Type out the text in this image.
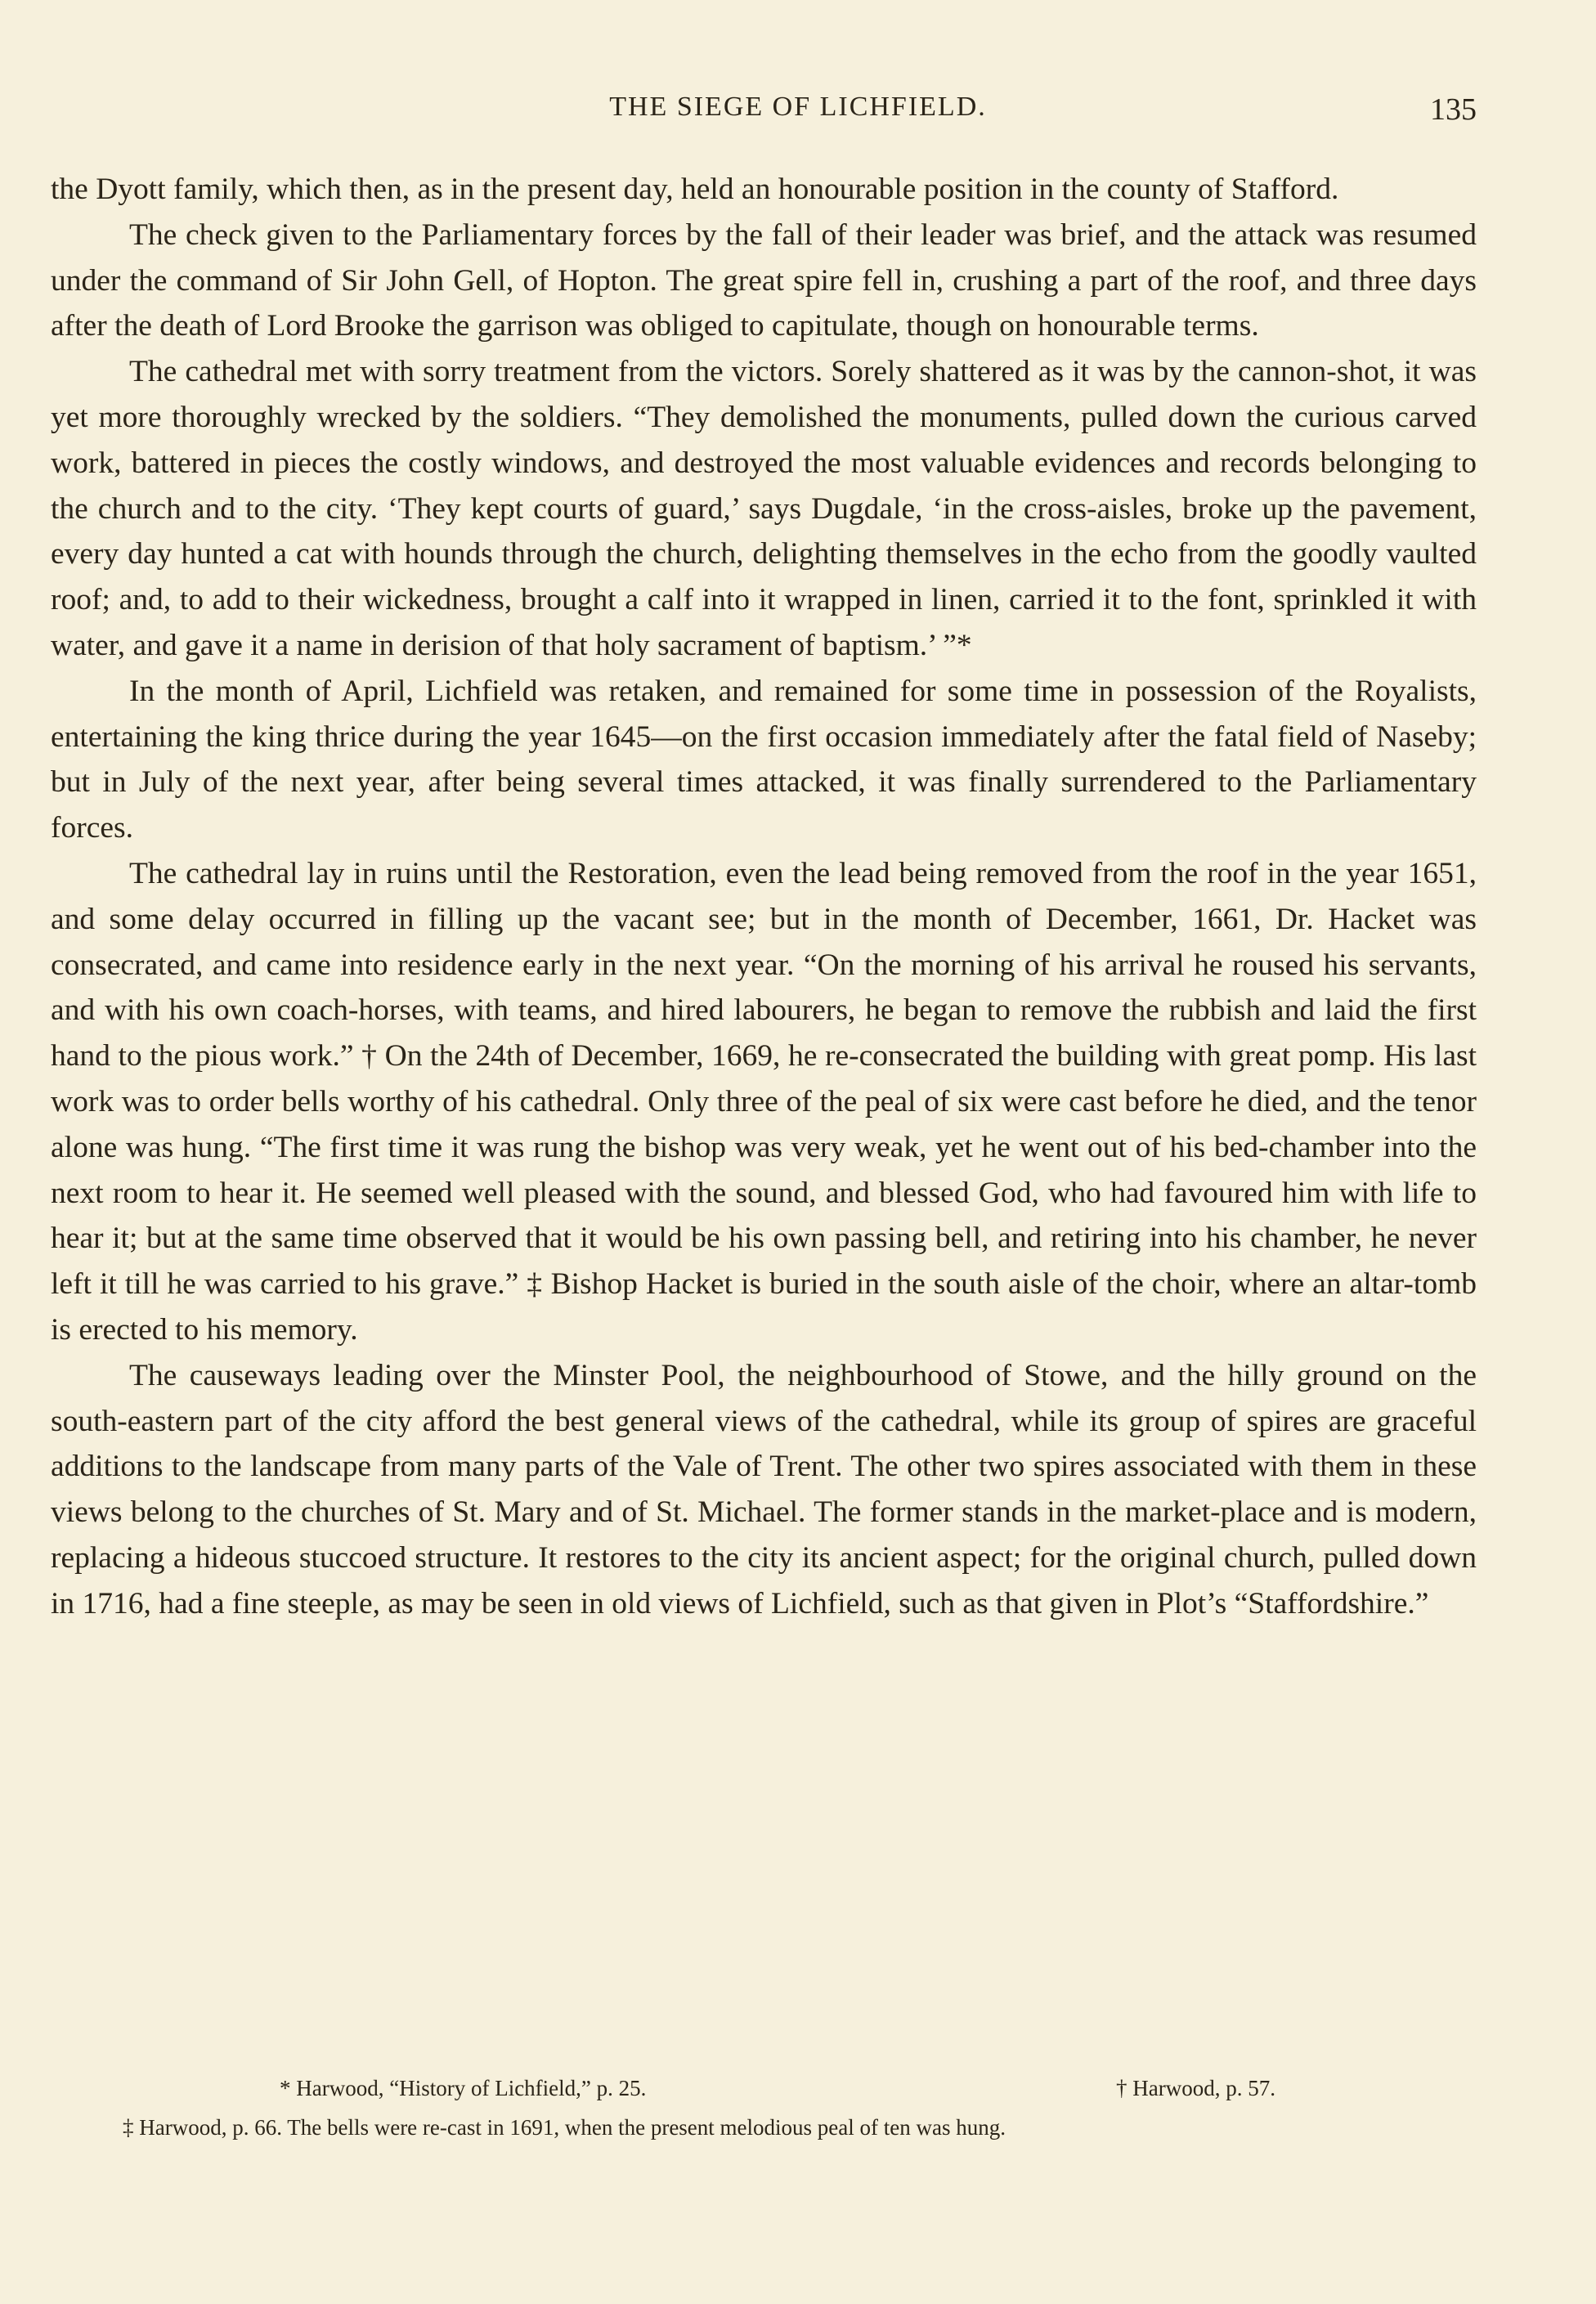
THE SIEGE OF LICHFIELD.	135

the Dyott family, which then, as in the present day, held an honourable position in the county of Stafford.

The check given to the Parliamentary forces by the fall of their leader was brief, and the attack was resumed under the command of Sir John Gell, of Hopton. The great spire fell in, crushing a part of the roof, and three days after the death of Lord Brooke the garrison was obliged to capitulate, though on honourable terms.

The cathedral met with sorry treatment from the victors. Sorely shattered as it was by the cannon-shot, it was yet more thoroughly wrecked by the soldiers. “They demolished the monuments, pulled down the curious carved work, battered in pieces the costly windows, and destroyed the most valuable evidences and records belonging to the church and to the city. ‘They kept courts of guard,’ says Dugdale, ‘in the cross-aisles, broke up the pavement, every day hunted a cat with hounds through the church, delighting themselves in the echo from the goodly vaulted roof; and, to add to their wickedness, brought a calf into it wrapped in linen, carried it to the font, sprinkled it with water, and gave it a name in derision of that holy sacrament of baptism.’ ”*

In the month of April, Lichfield was retaken, and remained for some time in possession of the Royalists, entertaining the king thrice during the year 1645—on the first occasion immediately after the fatal field of Naseby; but in July of the next year, after being several times attacked, it was finally surrendered to the Parliamentary forces.

The cathedral lay in ruins until the Restoration, even the lead being removed from the roof in the year 1651, and some delay occurred in filling up the vacant see; but in the month of December, 1661, Dr. Hacket was consecrated, and came into residence early in the next year. “On the morning of his arrival he roused his servants, and with his own coach-horses, with teams, and hired labourers, he began to remove the rubbish and laid the first hand to the pious work.” † On the 24th of December, 1669, he re-consecrated the building with great pomp. His last work was to order bells worthy of his cathedral. Only three of the peal of six were cast before he died, and the tenor alone was hung. “The first time it was rung the bishop was very weak, yet he went out of his bed-chamber into the next room to hear it. He seemed well pleased with the sound, and blessed God, who had favoured him with life to hear it; but at the same time observed that it would be his own passing bell, and retiring into his chamber, he never left it till he was carried to his grave.” ‡ Bishop Hacket is buried in the south aisle of the choir, where an altar-tomb is erected to his memory.

The causeways leading over the Minster Pool, the neighbourhood of Stowe, and the hilly ground on the south-eastern part of the city afford the best general views of the cathedral, while its group of spires are graceful additions to the landscape from many parts of the Vale of Trent. The other two spires associated with them in these views belong to the churches of St. Mary and of St. Michael. The former stands in the market-place and is modern, replacing a hideous stuccoed structure. It restores to the city its ancient aspect; for the original church, pulled down in 1716, had a fine steeple, as may be seen in old views of Lichfield, such as that given in Plot’s “Staffordshire.”

* Harwood, “History of Lichfield,” p. 25.	† Harwood, p. 57.
‡ Harwood, p. 66. The bells were re-cast in 1691, when the present melodious peal of ten was hung.
